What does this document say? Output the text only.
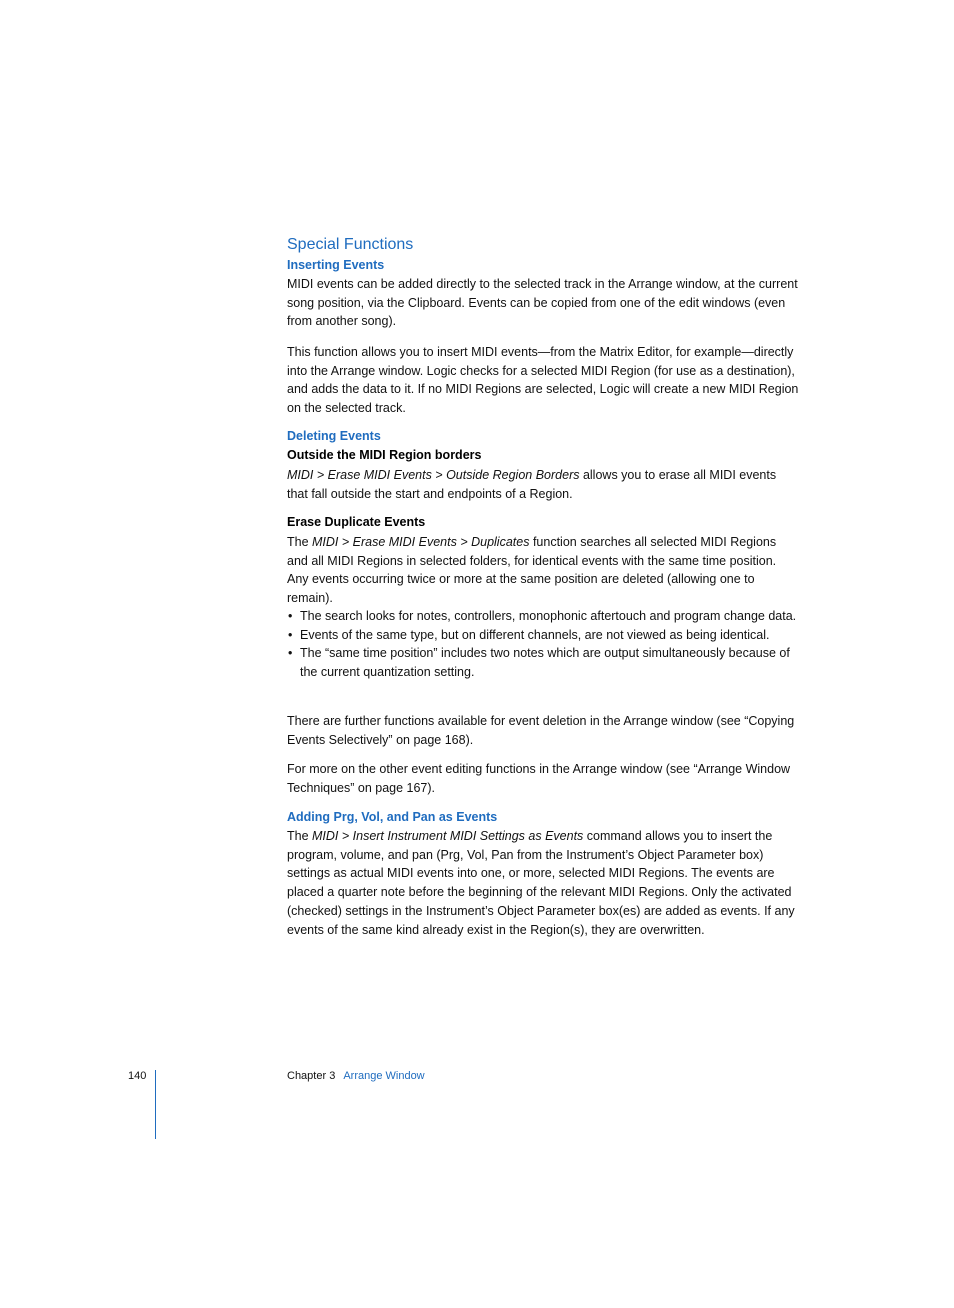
Special Functions
Inserting Events

MIDI events can be added directly to the selected track in the Arrange window, at the current song position, via the Clipboard. Events can be copied from one of the edit windows (even from another song).

This function allows you to insert MIDI events—from the Matrix Editor, for example—directly into the Arrange window. Logic checks for a selected MIDI Region (for use as a destination), and adds the data to it. If no MIDI Regions are selected, Logic will create a new MIDI Region on the selected track.

Deleting Events
Outside the MIDI Region borders

MIDI > Erase MIDI Events > Outside Region Borders allows you to erase all MIDI events that fall outside the start and endpoints of a Region.

Erase Duplicate Events

The MIDI > Erase MIDI Events > Duplicates function searches all selected MIDI Regions and all MIDI Regions in selected folders, for identical events with the same time position. Any events occurring twice or more at the same position are deleted (allowing one to remain).

• The search looks for notes, controllers, monophonic aftertouch and program change data.
• Events of the same type, but on different channels, are not viewed as being identical.
• The “same time position” includes two notes which are output simultaneously because of the current quantization setting.

There are further functions available for event deletion in the Arrange window (see “Copying Events Selectively” on page 168).

For more on the other event editing functions in the Arrange window (see “Arrange Window Techniques” on page 167).

Adding Prg, Vol, and Pan as Events

The MIDI > Insert Instrument MIDI Settings as Events command allows you to insert the program, volume, and pan (Prg, Vol, Pan from the Instrument’s Object Parameter box) settings as actual MIDI events into one, or more, selected MIDI Regions. The events are placed a quarter note before the beginning of the relevant MIDI Regions. Only the activated (checked) settings in the Instrument’s Object Parameter box(es) are added as events. If any events of the same kind already exist in the Region(s), they are overwritten.

140	Chapter 3 Arrange Window
